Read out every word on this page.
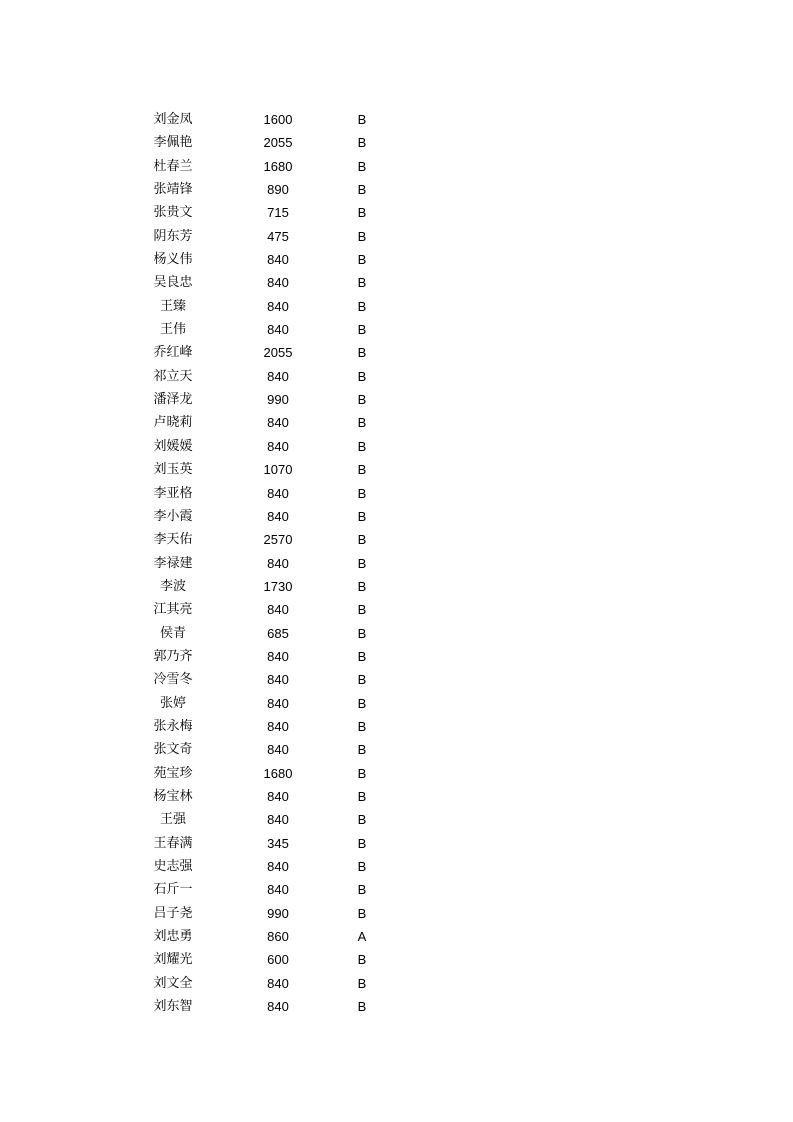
刘金凤	1600	B
李佩艳	2055	B
杜春兰	1680	B
张靖锋	890	B
张贵文	715	B
阴东芳	475	B
杨义伟	840	B
吴良忠	840	B
王臻	840	B
王伟	840	B
乔红峰	2055	B
祁立天	840	B
潘泽龙	990	B
卢晓莉	840	B
刘媛媛	840	B
刘玉英	1070	B
李亚格	840	B
李小霞	840	B
李天佑	2570	B
李禄建	840	B
李波	1730	B
江其亮	840	B
侯青	685	B
郭乃齐	840	B
冷雪冬	840	B
张婷	840	B
张永梅	840	B
张文奇	840	B
苑宝珍	1680	B
杨宝林	840	B
王强	840	B
王春满	345	B
史志强	840	B
石斤一	840	B
吕子尧	990	B
刘忠勇	860	A
刘耀光	600	B
刘文全	840	B
刘东智	840	B
